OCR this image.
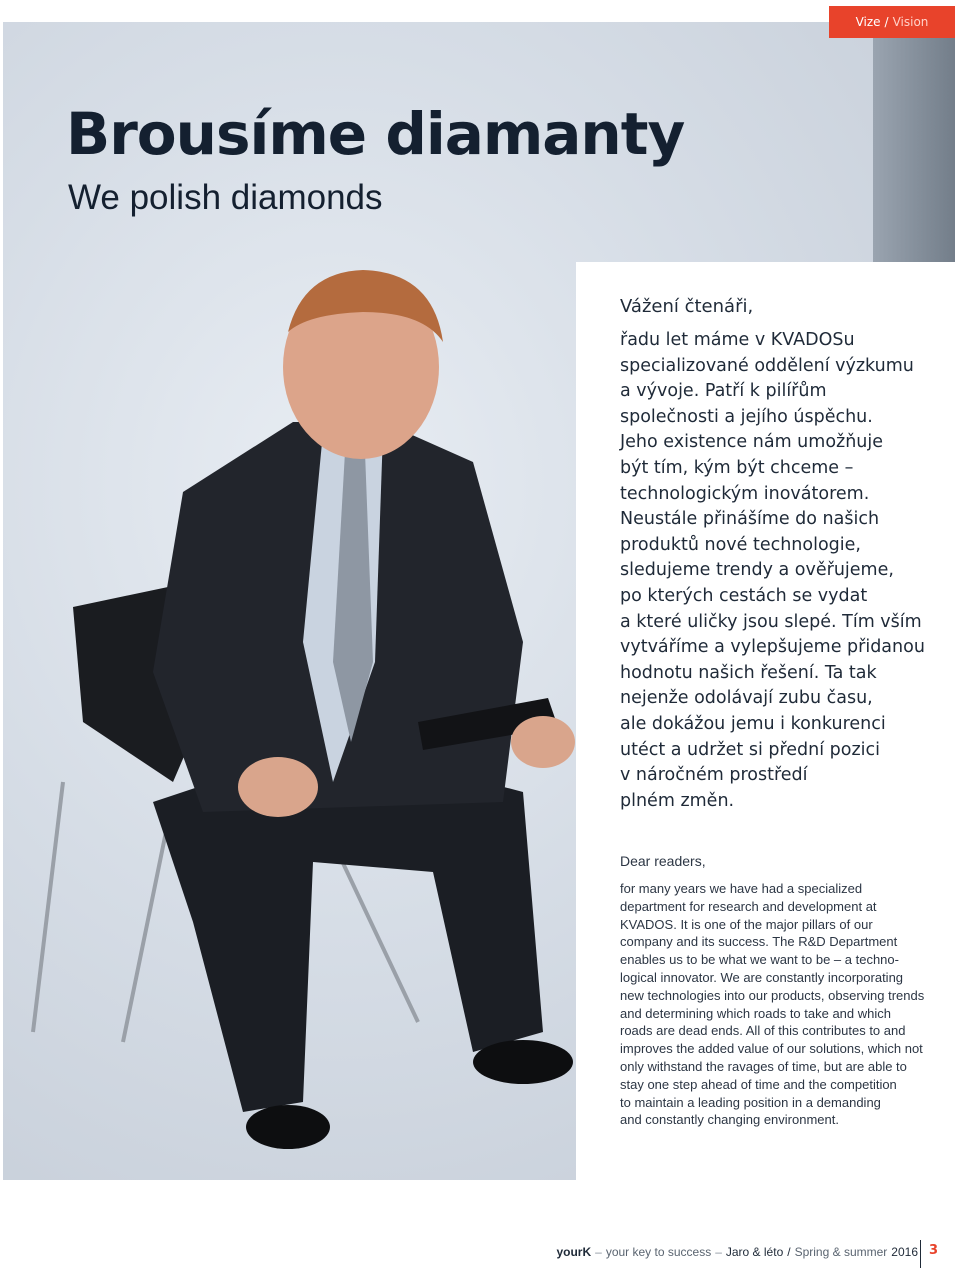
Vize / Vision
Brousíme diamanty
We polish diamonds
Vážení čtenáři,

řadu let máme v KVADOSu
specializované oddělení výzkumu
a vývoje. Patří k pilířům
společnosti a jejího úspěchu.
Jeho existence nám umožňuje
být tím, kým být chceme –
technologickým inovátorem.
Neustále přinášíme do našich
produktů nové technologie,
sledujeme trendy a ověřujeme,
po kterých cestách se vydat
a které uličky jsou slepé. Tím vším
vytváříme a vylepšujeme přidanou
hodnotu našich řešení. Ta tak
nejenže odolávají zubu času,
ale dokážou jemu i konkurenci
utéct a udržet si přední pozici
v náročném prostředí
plném změn.

Dear readers,

for many years we have had a specialized
department for research and development at
KVADOS. It is one of the major pillars of our
company and its success. The R&D Department
enables us to be what we want to be – a techno-
logical innovator. We are constantly incorporating
new technologies into our products, observing trends
and determining which roads to take and which
roads are dead ends. All of this contributes to and
improves the added value of our solutions, which not
only withstand the ravages of time, but are able to
stay one step ahead of time and the competition
to maintain a leading position in a demanding
and constantly changing environment.

yourK – your key to success – Jaro & léto / Spring & summer 2016 3
